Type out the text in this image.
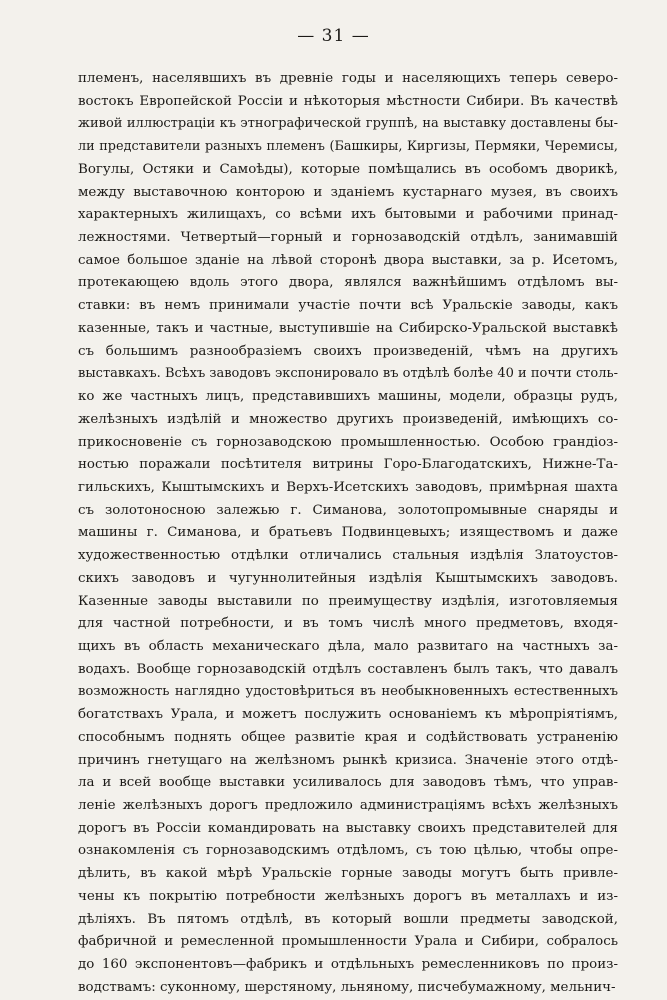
— 31 —
племенъ, населявшихъ въ древніе годы и населяющихъ теперь северо-
востокъ Европейской Россіи и нѣкоторыя мѣстности Сибири. Въ качествѣ
живой иллюстраціи къ этнографической группѣ, на выставку доставлены бы-
ли представители разныхъ племенъ (Башкиры, Киргизы, Пермяки, Черемисы,
Вогулы, Остяки и Самоѣды), которые помѣщались въ особомъ дворикѣ,
между выставочною конторою и зданіемъ кустарнаго музея, въ своихъ
характерныхъ жилищахъ, со всѣми ихъ бытовыми и рабочими принад-
лежностями. Четвертый—горный и горнозаводскій отдѣлъ, занимавшій
самое большое зданіе на лѣвой сторонѣ двора выставки, за р. Исетомъ,
протекающею вдоль этого двора, являлся важнѣйшимъ отдѣломъ вы-
ставки: въ немъ принимали участіе почти всѣ Уральскіе заводы, какъ
казенные, такъ и частные, выступившіе на Сибирско-Уральской выставкѣ
съ большимъ разнообразіемъ своихъ произведеній, чѣмъ на другихъ
выставкахъ. Всѣхъ заводовъ экспонировало въ отдѣлѣ болѣе 40 и почти столь-
ко же частныхъ лицъ, представившихъ машины, модели, образцы рудъ,
желѣзныхъ издѣлій и множество другихъ произведеній, имѣющихъ со-
прикосновеніе съ горнозаводскою промышленностью. Особою грандіоз-
ностью поражали посѣтителя витрины Горо-Благодатскихъ, Нижне-Та-
гильскихъ, Кыштымскихъ и Верхъ-Исетскихъ заводовъ, примѣрная шахта
съ золотоносною залежью г. Симанова, золотопромывные снаряды и
машины г. Симанова, и братьевъ Подвинцевыхъ; изяществомъ и даже
художественностью отдѣлки отличались стальныя издѣлія Златоустов-
скихъ заводовъ и чугуннолитейныя издѣлія Кыштымскихъ заводовъ.
Казенные заводы выставили по преимуществу издѣлія, изготовляемыя
для частной потребности, и въ томъ числѣ много предметовъ, входя-
щихъ въ область механическаго дѣла, мало развитаго на частныхъ за-
водахъ. Вообще горнозаводскій отдѣлъ составленъ былъ такъ, что давалъ
возможность наглядно удостовѣриться въ необыкновенныхъ естественныхъ
богатствахъ Урала, и можетъ послужить основаніемъ къ мѣропріятіямъ,
способнымъ поднять общее развитіе края и содѣйствовать устраненію
причинъ гнетущаго на желѣзномъ рынкѣ кризиса. Значеніе этого отдѣ-
ла и всей вообще выставки усиливалось для заводовъ тѣмъ, что управ-
леніе желѣзныхъ дорогъ предложило администраціямъ всѣхъ желѣзныхъ
дорогъ въ Россіи командировать на выставку своихъ представителей для
ознакомленія съ горнозаводскимъ отдѣломъ, съ тою цѣлью, чтобы опре-
дѣлить, въ какой мѣрѣ Уральскіе горные заводы могутъ быть привле-
чены къ покрытію потребности желѣзныхъ дорогъ въ металлахъ и из-
дѣліяхъ. Въ пятомъ отдѣлѣ, въ который вошли предметы заводской,
фабричной и ремесленной промышленности Урала и Сибири, собралось
до 160 экспонентовъ—фабрикъ и отдѣльныхъ ремесленниковъ по произ-
водствамъ: суконному, шерстяному, льняному, писчебумажному, мельнич-
